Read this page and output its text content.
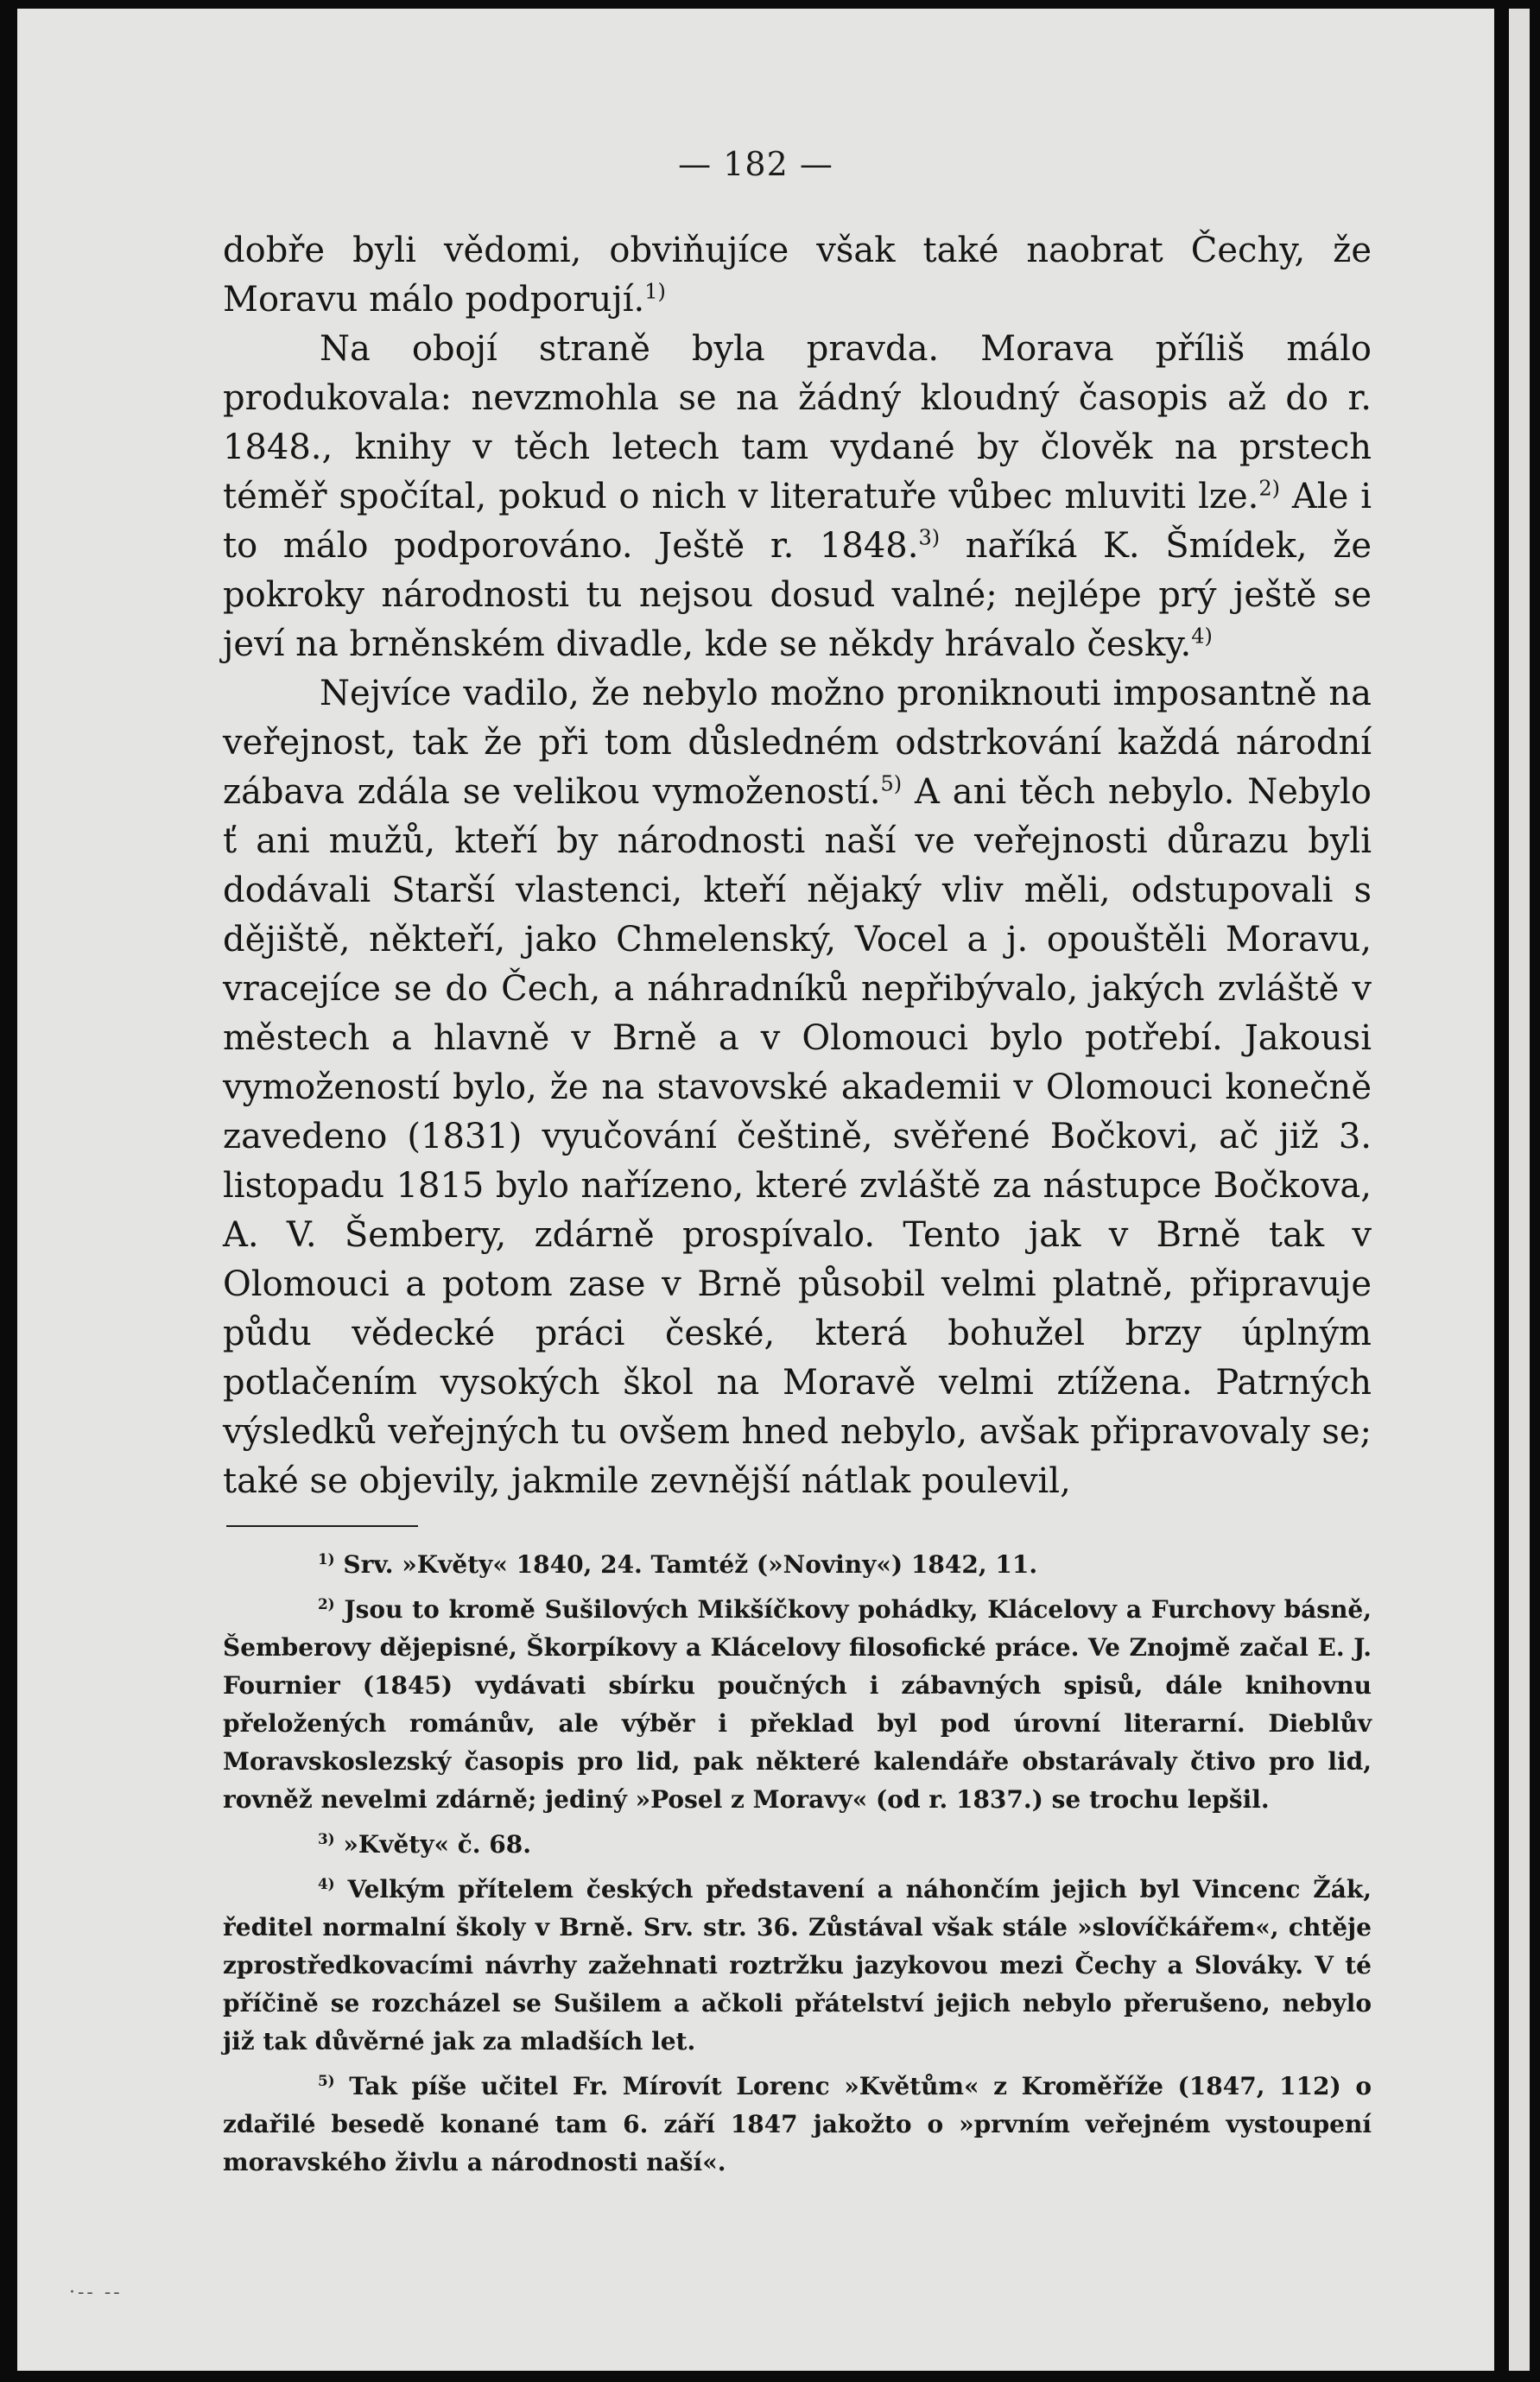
— 182 —

dobře byli vědomi, obviňujíce však také naobrat Čechy, že Moravu málo podporují.$^{1)}$

Na obojí straně byla pravda. Morava příliš málo produkovala: nevzmohla se na žádný kloudný časopis až do r. 1848., knihy v těch letech tam vydané by člověk na prstech téměř spočítal, pokud o nich v literatuře vůbec mluviti lze.$^{2)}$ Ale i to málo podporováno. Ještě r. 1848.$^{3)}$ naříká K. Šmídek, že pokroky národnosti tu nejsou dosud valné; nejlépe prý ještě se jeví na brněnském divadle, kde se někdy hrávalo česky.$^{4)}$

Nejvíce vadilo, že nebylo možno proniknouti imposantně na veřejnost, tak že při tom důsledném odstrkování každá národní zábava zdála se velikou vymožeností.$^{5)}$ A ani těch nebylo. Nebylo ť ani mužů, kteří by národnosti naší ve veřejnosti důrazu byli dodávali Starší vlastenci, kteří nějaký vliv měli, odstupovali s dějiště, někteří, jako Chmelenský, Vocel a j. opouštěli Moravu, vracejíce se do Čech, a náhradníků nepřibývalo, jakých zvláště v městech a hlavně v Brně a v Olomouci bylo potřebí. Jakousi vymožeností bylo, že na stavovské akademii v Olomouci konečně zavedeno (1831) vyučování češtině, svěřené Bočkovi, ač již 3. listopadu 1815 bylo nařízeno, které zvláště za nástupce Bočkova, A. V. Šembery, zdárně prospívalo. Tento jak v Brně tak v Olomouci a potom zase v Brně působil velmi platně, připravuje půdu vědecké práci české, která bohužel brzy úplným potlačením vysokých škol na Moravě velmi ztížena. Patrných výsledků veřejných tu ovšem hned nebylo, avšak připravovaly se; také se objevily, jakmile zevnější nátlak poulevil,

$^{1)}$ Srv. »Květy« 1840, 24. Tamtéž (»Noviny«) 1842, 11.

$^{2)}$ Jsou to kromě Sušilových Mikšíčkovy pohádky, Klácelovy a Furchovy básně, Šemberovy dějepisné, Škorpíkovy a Klácelovy filosofické práce. Ve Znojmě začal E. J. Fournier (1845) vydávati sbírku poučných i zábavných spisů, dále knihovnu přeložených románův, ale výběr i překlad byl pod úrovní literarní. Dieblův Moravskoslezský časopis pro lid, pak některé kalendáře obstarávaly čtivo pro lid, rovněž nevelmi zdárně; jediný »Posel z Moravy« (od r. 1837.) se trochu lepšil.

$^{3)}$ »Květy« č. 68.

$^{4)}$ Velkým přítelem českých představení a náhončím jejich byl Vincenc Žák, ředitel normalní školy v Brně. Srv. str. 36. Zůstával však stále »slovíčkářem«, chtěje zprostředkovacími návrhy zažehnati roztržku jazykovou mezi Čechy a Slováky. V té příčině se rozcházel se Sušilem a ačkoli přátelství jejich nebylo přerušeno, nebylo již tak důvěrné jak za mladších let.

$^{5)}$ Tak píše učitel Fr. Mírovít Lorenc »Květům« z Kroměříže (1847, 112) o zdařilé besedě konané tam 6. září 1847 jakožto o »prvním veřejném vystoupení moravského živlu a národnosti naší«.

·-- --
